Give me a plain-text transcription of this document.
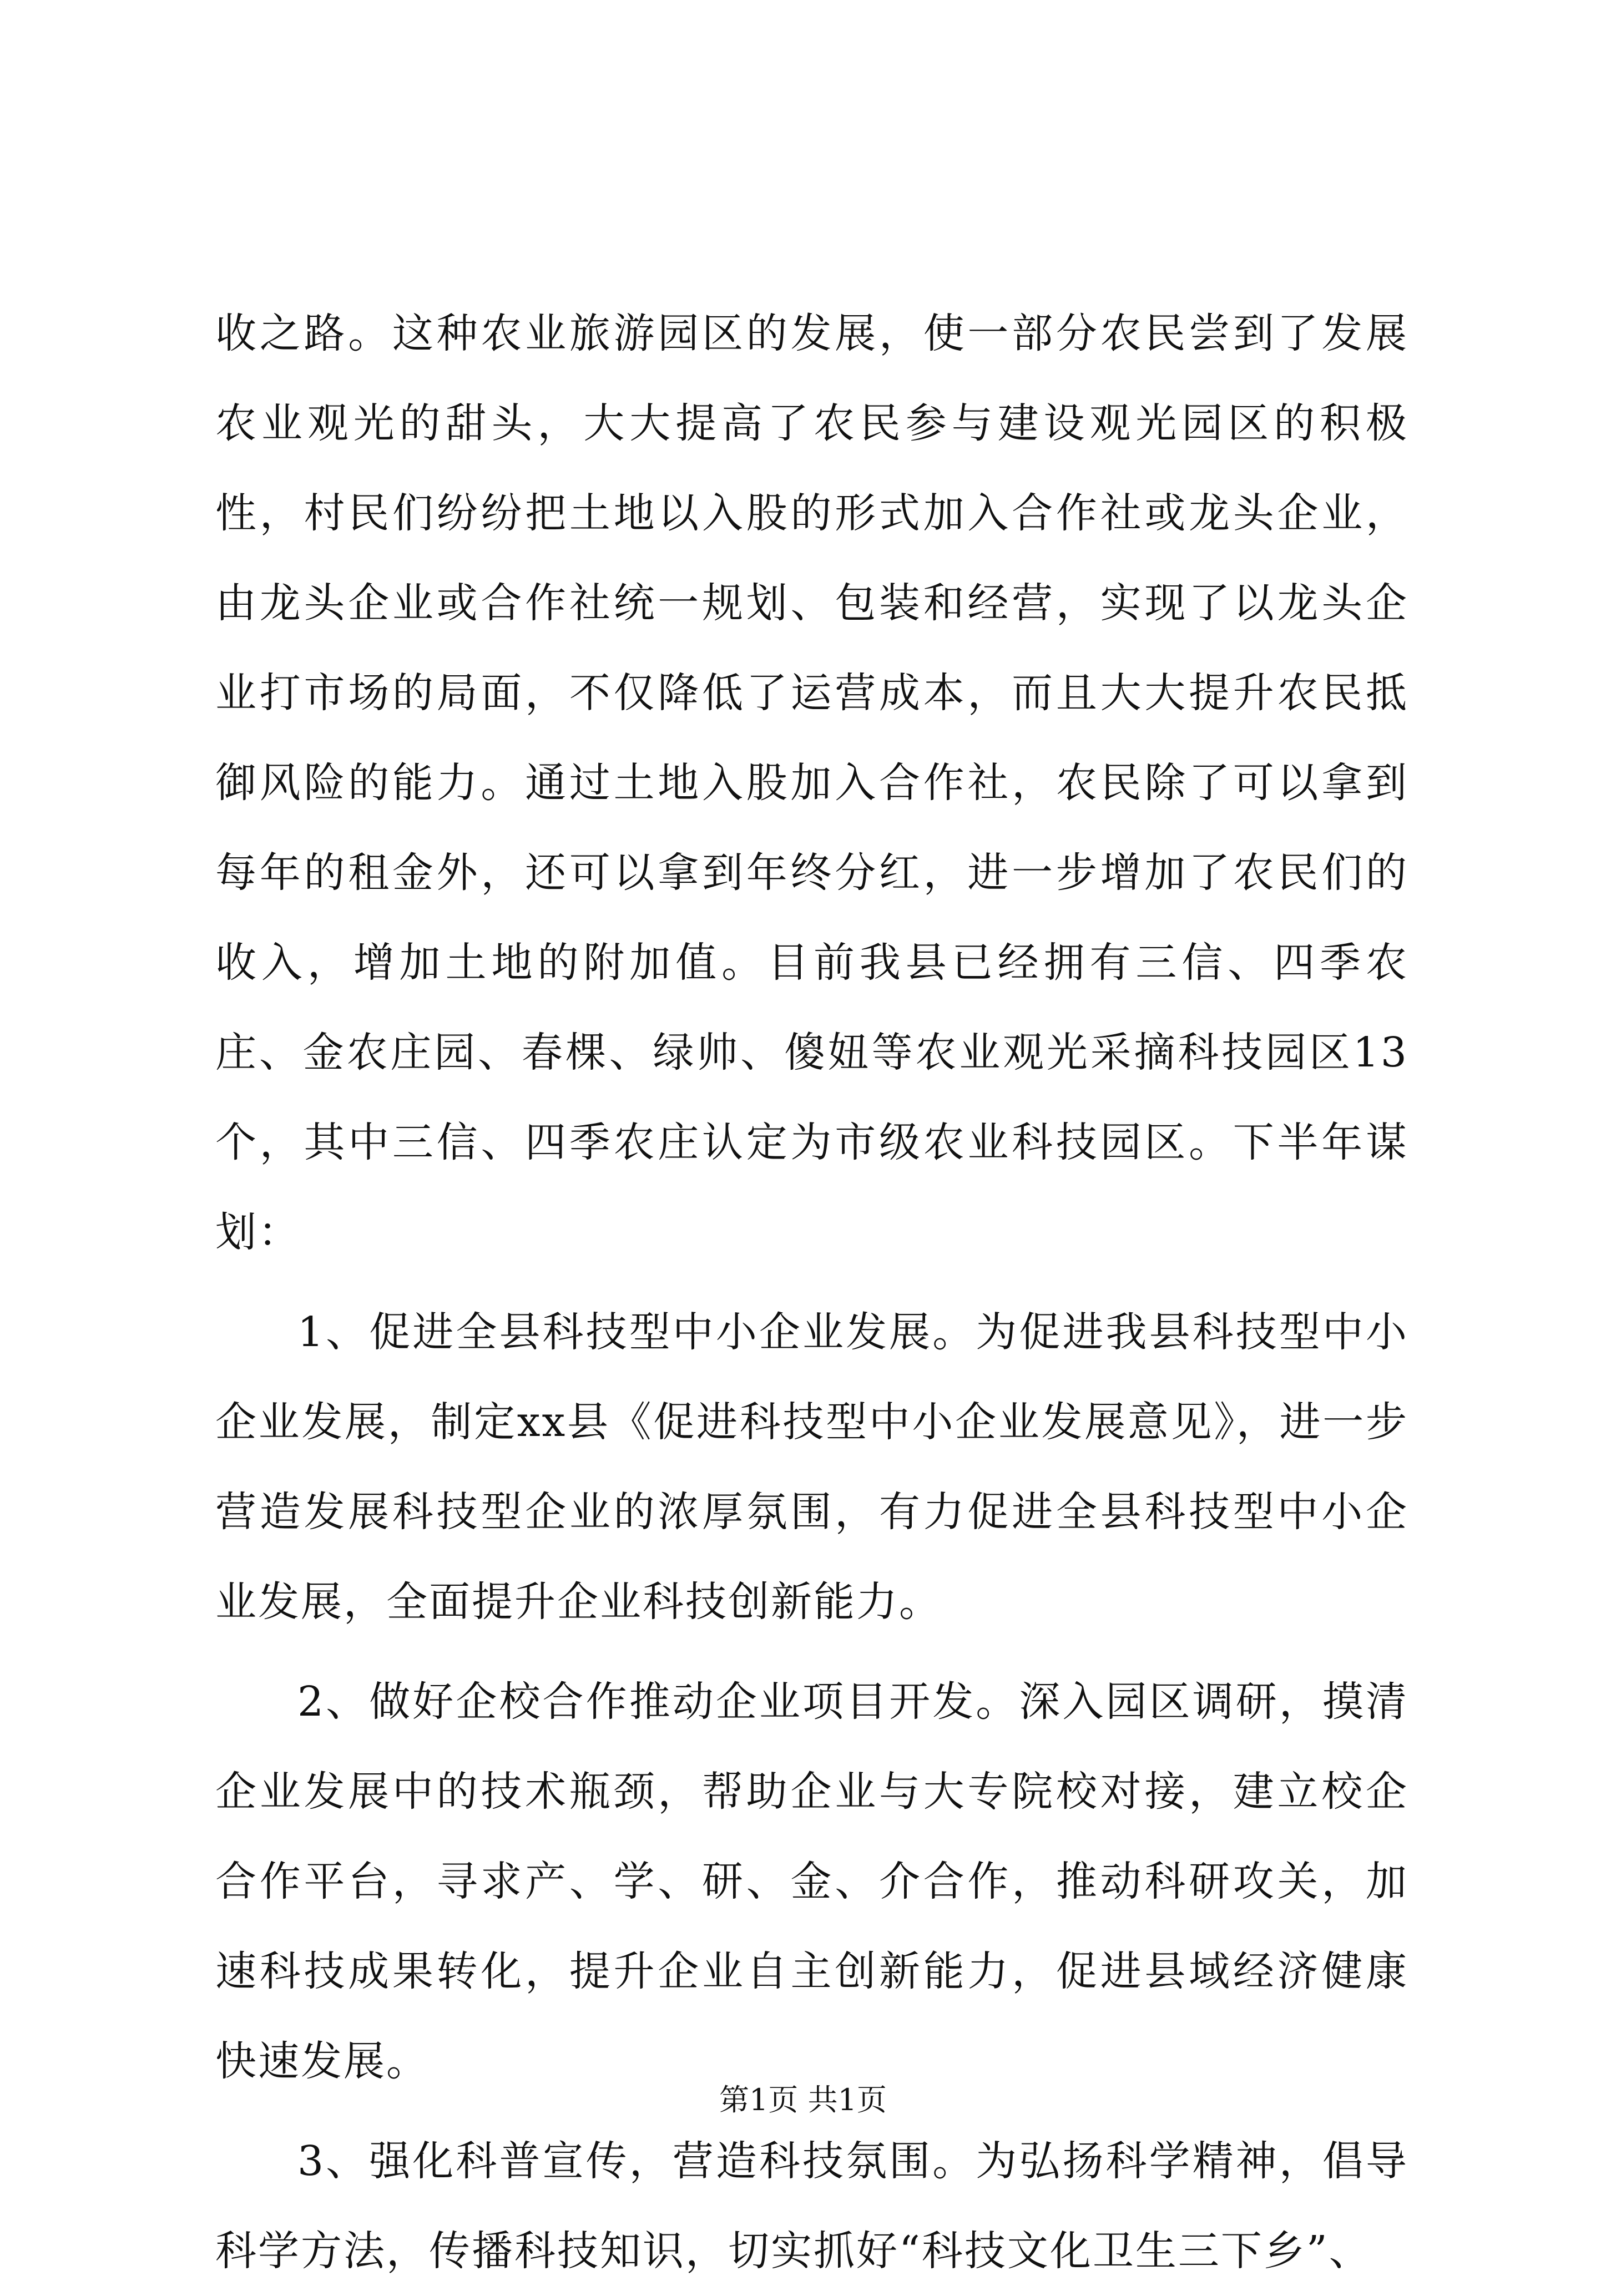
收之路。这种农业旅游园区的发展，使一部分农民尝到了发展农业观光的甜头，大大提高了农民参与建设观光园区的积极性，村民们纷纷把土地以入股的形式加入合作社或龙头企业，由龙头企业或合作社统一规划、包装和经营，实现了以龙头企业打市场的局面，不仅降低了运营成本，而且大大提升农民抵御风险的能力。通过土地入股加入合作社，农民除了可以拿到每年的租金外，还可以拿到年终分红，进一步增加了农民们的收入，增加土地的附加值。目前我县已经拥有三信、四季农庄、金农庄园、春棵、绿帅、傻妞等农业观光采摘科技园区13个，其中三信、四季农庄认定为市级农业科技园区。下半年谋划：

1、促进全县科技型中小企业发展。为促进我县科技型中小企业发展，制定xx县《促进科技型中小企业发展意见》，进一步营造发展科技型企业的浓厚氛围，有力促进全县科技型中小企业发展，全面提升企业科技创新能力。

2、做好企校合作推动企业项目开发。深入园区调研，摸清企业发展中的技术瓶颈，帮助企业与大专院校对接，建立校企合作平台，寻求产、学、研、金、介合作，推动科研攻关，加速科技成果转化，提升企业自主创新能力，促进县域经济健康快速发展。

3、强化科普宣传，营造科技氛围。为弘扬科学精神，倡导科学方法，传播科技知识，切实抓好“科技文化卫生三下乡”、

第1页 共1页
